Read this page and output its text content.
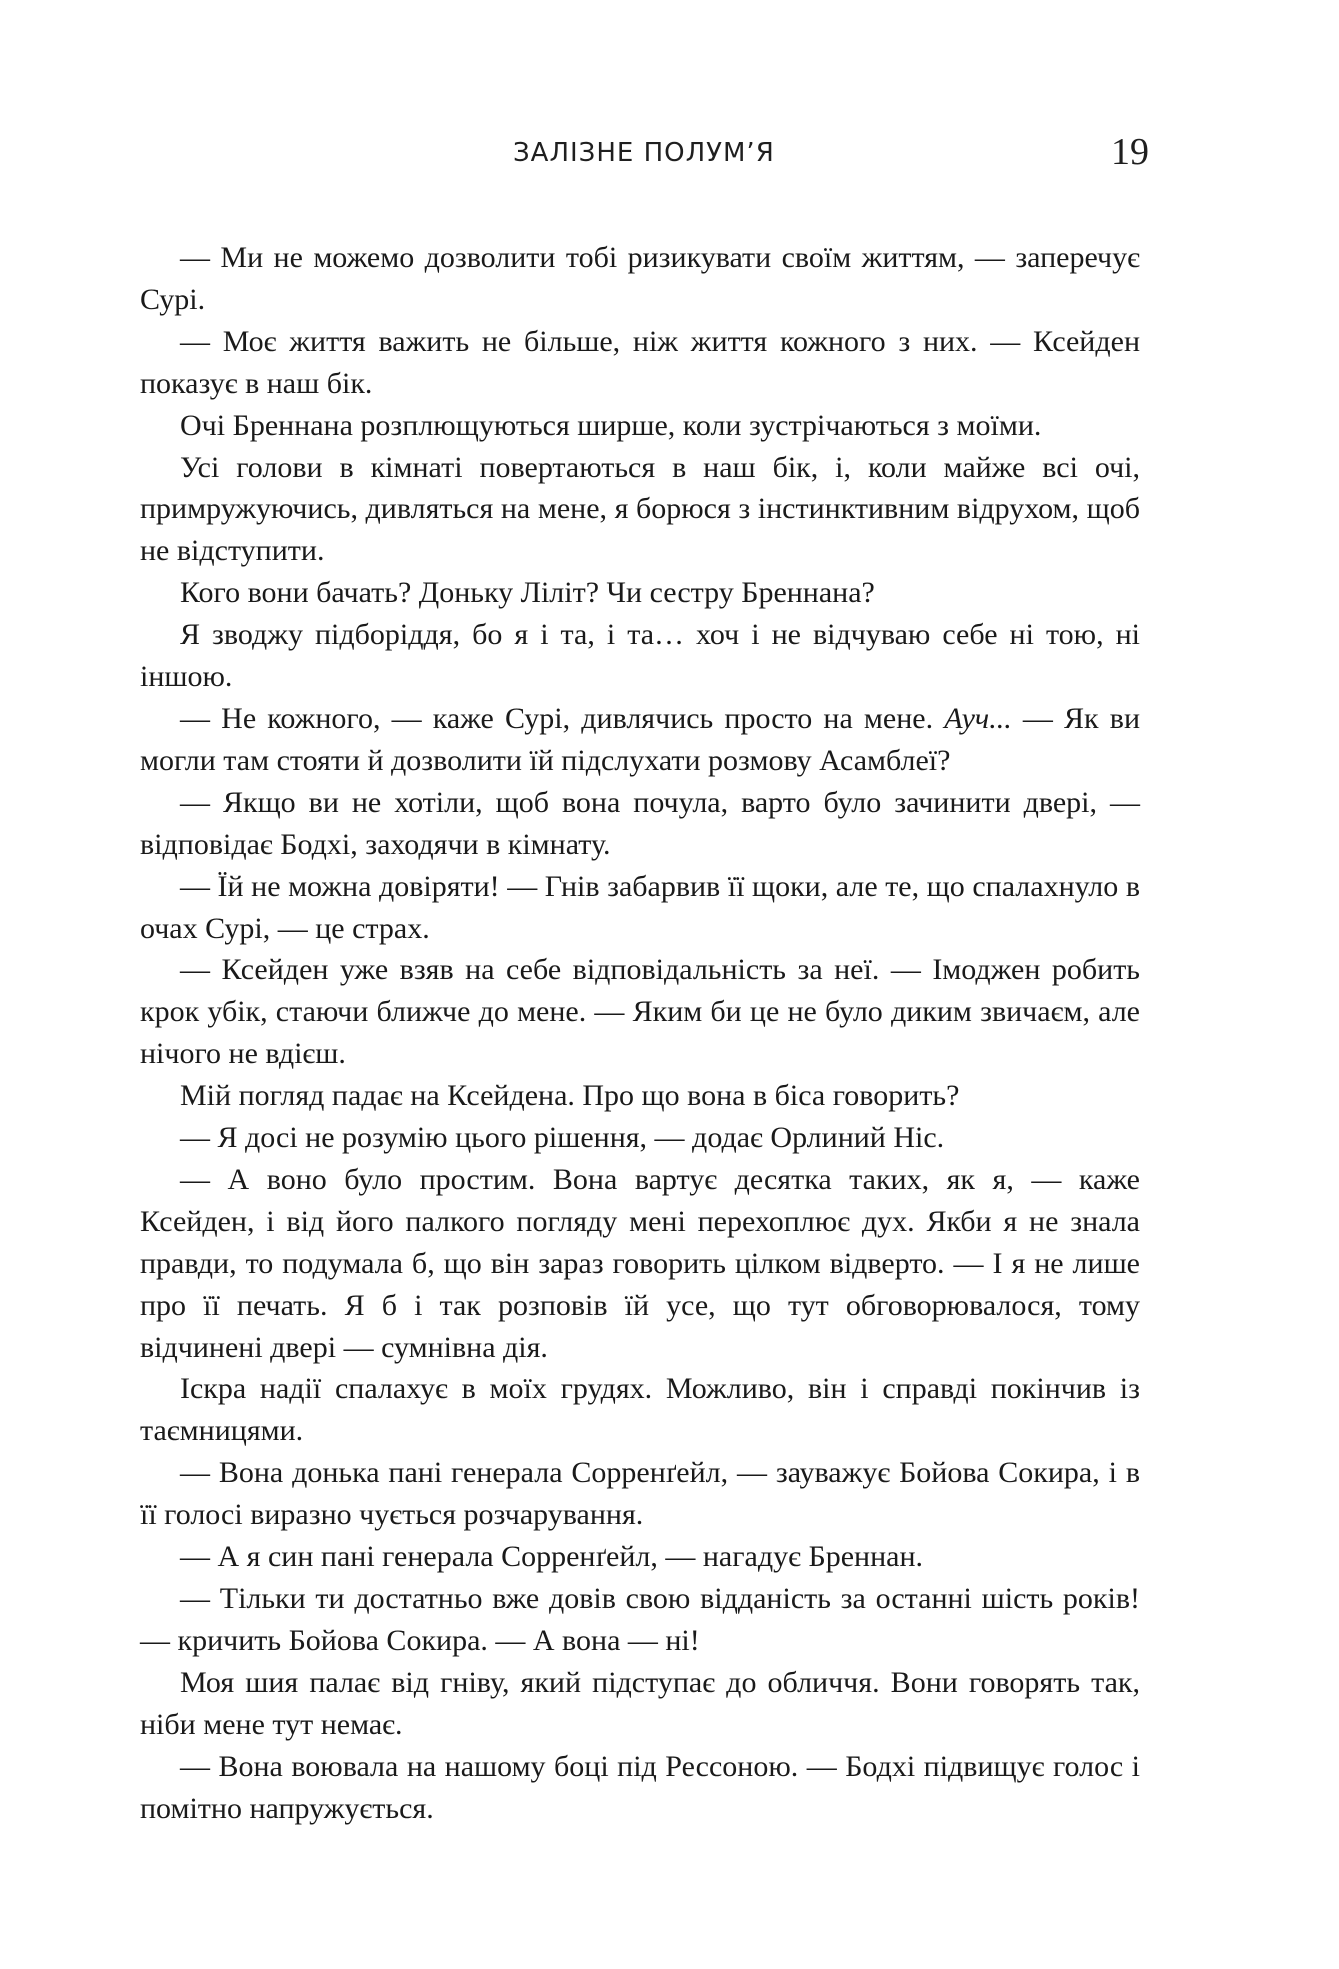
ЗАЛІЗНЕ ПОЛУМ’Я	19

— Ми не можемо дозволити тобі ризикувати своїм життям, — заперечує Сурі.

— Моє життя важить не більше, ніж життя кожного з них. — Ксейден показує в наш бік.

Очі Бреннана розплющуються ширше, коли зустрічаються з моїми.

Усі голови в кімнаті повертаються в наш бік, і, коли майже всі очі, примружуючись, дивляться на мене, я борюся з інстинктивним відрухом, щоб не відступити.

Кого вони бачать? Доньку Ліліт? Чи сестру Бреннана?

Я зводжу підборіддя, бо я і та, і та… хоч і не відчуваю себе ні тою, ні іншою.

— Не кожного, — каже Сурі, дивлячись просто на мене. Ауч... — Як ви могли там стояти й дозволити їй підслухати розмову Асамблеї?

— Якщо ви не хотіли, щоб вона почула, варто було зачинити двері, — відповідає Бодхі, заходячи в кімнату.

— Їй не можна довіряти! — Гнів забарвив її щоки, але те, що спалахнуло в очах Сурі, — це страх.

— Ксейден уже взяв на себе відповідальність за неї. — Імоджен робить крок убік, стаючи ближче до мене. — Яким би це не було диким звичаєм, але нічого не вдієш.

Мій погляд падає на Ксейдена. Про що вона в біса говорить?

— Я досі не розумію цього рішення, — додає Орлиний Ніс.

— А воно було простим. Вона вартує десятка таких, як я, — каже Ксейден, і від його палкого погляду мені перехоплює дух. Якби я не знала правди, то подумала б, що він зараз говорить цілком відверто. — І я не лише про її печать. Я б і так розповів їй усе, що тут обговорювалося, тому відчинені двері — сумнівна дія.

Іскра надії спалахує в моїх грудях. Можливо, він і справді покінчив із таємницями.

— Вона донька пані генерала Сорренґейл, — зауважує Бойова Сокира, і в її голосі виразно чується розчарування.

— А я син пані генерала Сорренґейл, — нагадує Бреннан.

— Тільки ти достатньо вже довів свою відданість за останні шість років! — кричить Бойова Сокира. — А вона — ні!

Моя шия палає від гніву, який підступає до обличчя. Вони говорять так, ніби мене тут немає.

— Вона воювала на нашому боці під Рессоною. — Бодхі підвищує голос і помітно напружується.
